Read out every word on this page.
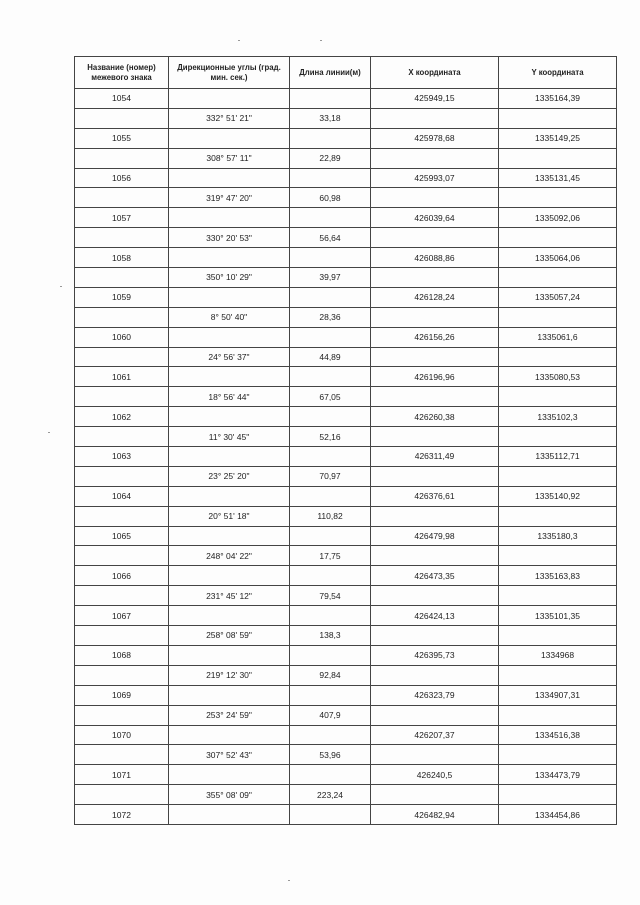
Название (номер) межевого знака	Дирекционные углы (град. мин. сек.)	Длина линии(м)	X координата	Y координата
1054			425949,15	1335164,39
	332° 51' 21"	33,18		
1055			425978,68	1335149,25
	308° 57' 11"	22,89		
1056			425993,07	1335131,45
	319° 47' 20"	60,98		
1057			426039,64	1335092,06
	330° 20' 53"	56,64		
1058			426088,86	1335064,06
	350° 10' 29"	39,97		
1059			426128,24	1335057,24
	8° 50' 40"	28,36		
1060			426156,26	1335061,6
	24° 56' 37"	44,89		
1061			426196,96	1335080,53
	18° 56' 44"	67,05		
1062			426260,38	1335102,3
	11° 30' 45"	52,16		
1063			426311,49	1335112,71
	23° 25' 20"	70,97		
1064			426376,61	1335140,92
	20° 51' 18"	110,82		
1065			426479,98	1335180,3
	248° 04' 22"	17,75		
1066			426473,35	1335163,83
	231° 45' 12"	79,54		
1067			426424,13	1335101,35
	258° 08' 59"	138,3		
1068			426395,73	1334968
	219° 12' 30"	92,84		
1069			426323,79	1334907,31
	253° 24' 59"	407,9		
1070			426207,37	1334516,38
	307° 52' 43"	53,96		
1071			426240,5	1334473,79
	355° 08' 09"	223,24		
1072			426482,94	1334454,86
